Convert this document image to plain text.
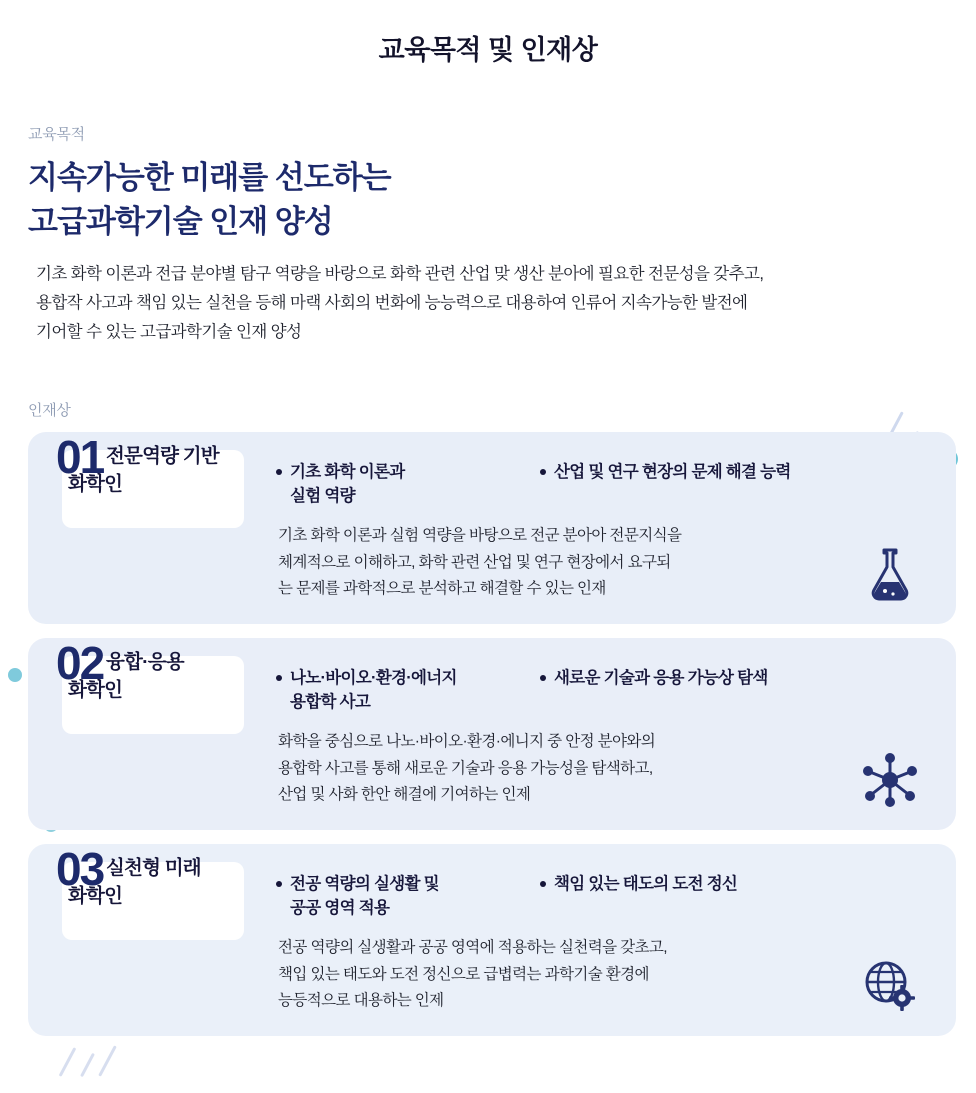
교육목적 및 인재상
교육목적
지속가능한 미래를 선도하는
고급과학기술 인재 양성

기초 화학 이론과 전급 분야별 탐구 역량을 바랑으로 화학 관련 산업 맞 생산 분아에 필요한 전문성을 갖추고,

용합작 사고과 책임 있는 실천을 등해 마랙 사회의 번화에 능능력으로 대용하여 인류어 지속가능한 발전에

기어할 수 있는 고급과학기술 인재 양성

인재상
01 전문역량 기반
화학인
기초 화학 이론과
실험 역량
산업 및 연구 현장의 문제 해결 능력
기초 화학 이론과 실험 역량을 바탕으로 전군 분아아 전문지식을
체계적으로 이해하고, 화학 관련 산업 및 연구 현장에서 요구되
는 문제를 과학적으로 분석하고 해결할 수 있는 인재
02 융합·응용
화학인
나노·바이오·환경·에너지
용합학 사고
새로운 기술과 응용 가능상 탐색
화학을 중심으로 나노·바이오·환경·에니지 중 안정 분야와의
용합학 사고를 통해 새로운 기술과 응용 가능성을 탐색하고,
산업 및 사화 한안 해결에 기여하는 인제
03 실천형 미래
화학인
전공 역량의 실생활 및
공공 영역 적용
책임 있는 태도의 도전 정신
전공 역량의 실생활과 공공 영역에 적용하는 실천력을 갖초고,
책입 있는 태도와 도전 정신으로 급볍력는 과학기술 환경에
능등적으로 대용하는 인제
